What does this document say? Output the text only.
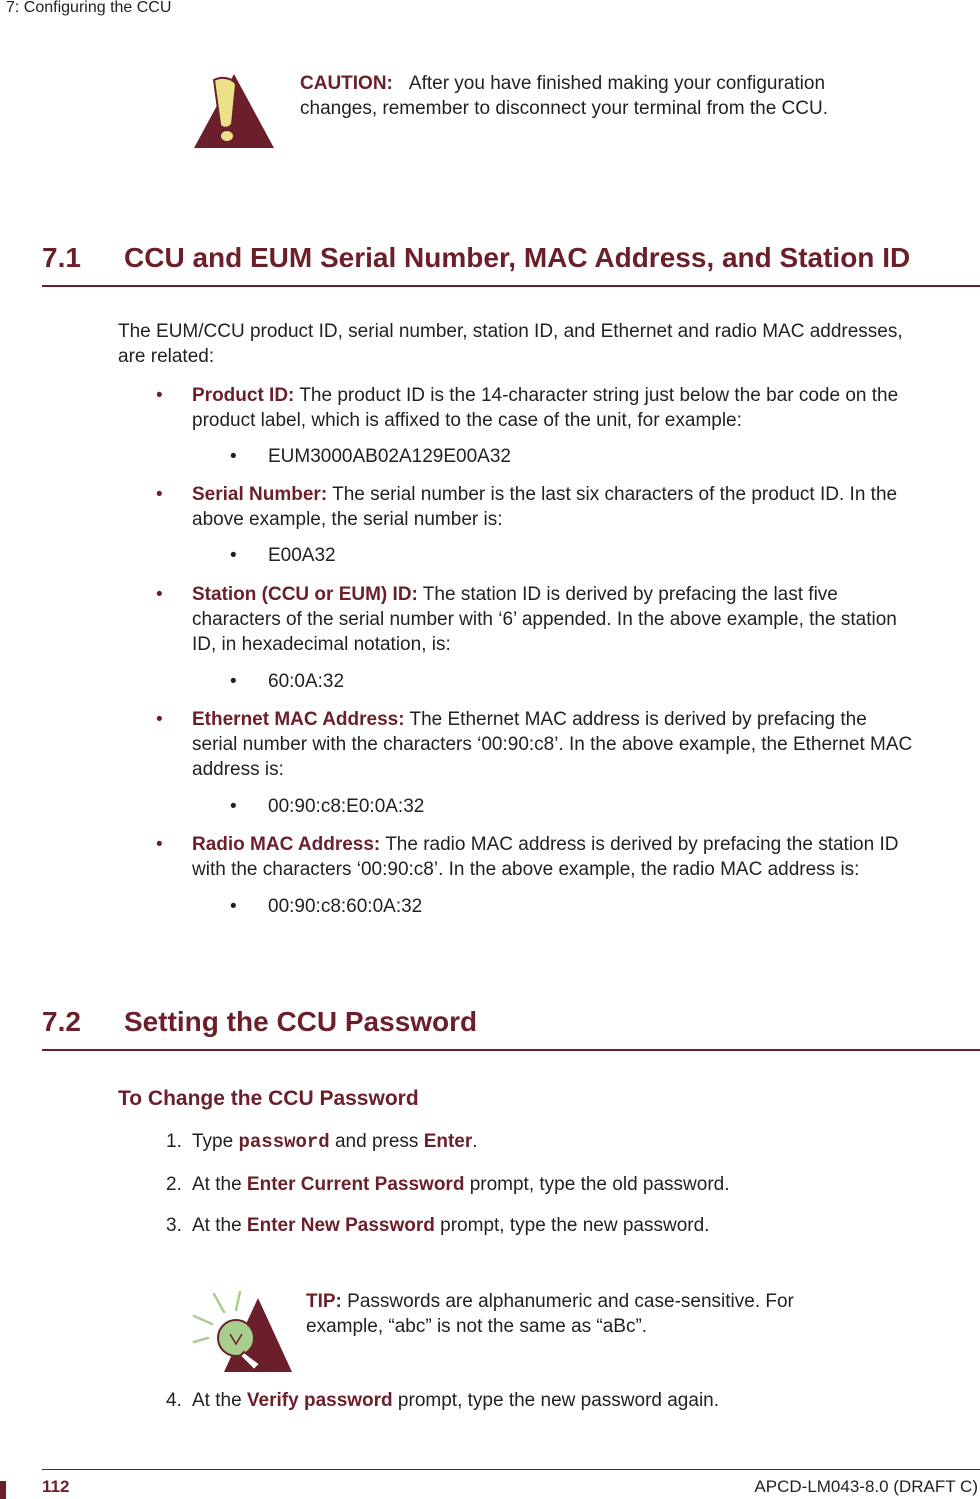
7: Configuring the CCU
CAUTION: After you have finished making your configuration
changes, remember to disconnect your terminal from the CCU.
7.1 CCU and EUM Serial Number, MAC Address, and Station ID
The EUM/CCU product ID, serial number, station ID, and Ethernet and radio MAC addresses,
are related:
• Product ID: The product ID is the 14-character string just below the bar code on the
product label, which is affixed to the case of the unit, for example:
• EUM3000AB02A129E00A32
• Serial Number: The serial number is the last six characters of the product ID. In the
above example, the serial number is:
• E00A32
• Station (CCU or EUM) ID: The station ID is derived by prefacing the last five
characters of the serial number with ‘6’ appended. In the above example, the station
ID, in hexadecimal notation, is:
• 60:0A:32
• Ethernet MAC Address: The Ethernet MAC address is derived by prefacing the
serial number with the characters ‘00:90:c8’. In the above example, the Ethernet MAC
address is:
• 00:90:c8:E0:0A:32
• Radio MAC Address: The radio MAC address is derived by prefacing the station ID
with the characters ‘00:90:c8’. In the above example, the radio MAC address is:
• 00:90:c8:60:0A:32
7.2 Setting the CCU Password
To Change the CCU Password
1. Type password and press Enter.
2. At the Enter Current Password prompt, type the old password.
3. At the Enter New Password prompt, type the new password.
TIP: Passwords are alphanumeric and case-sensitive. For
example, “abc” is not the same as “aBc”.
4. At the Verify password prompt, type the new password again.
112	APCD-LM043-8.0 (DRAFT C)
